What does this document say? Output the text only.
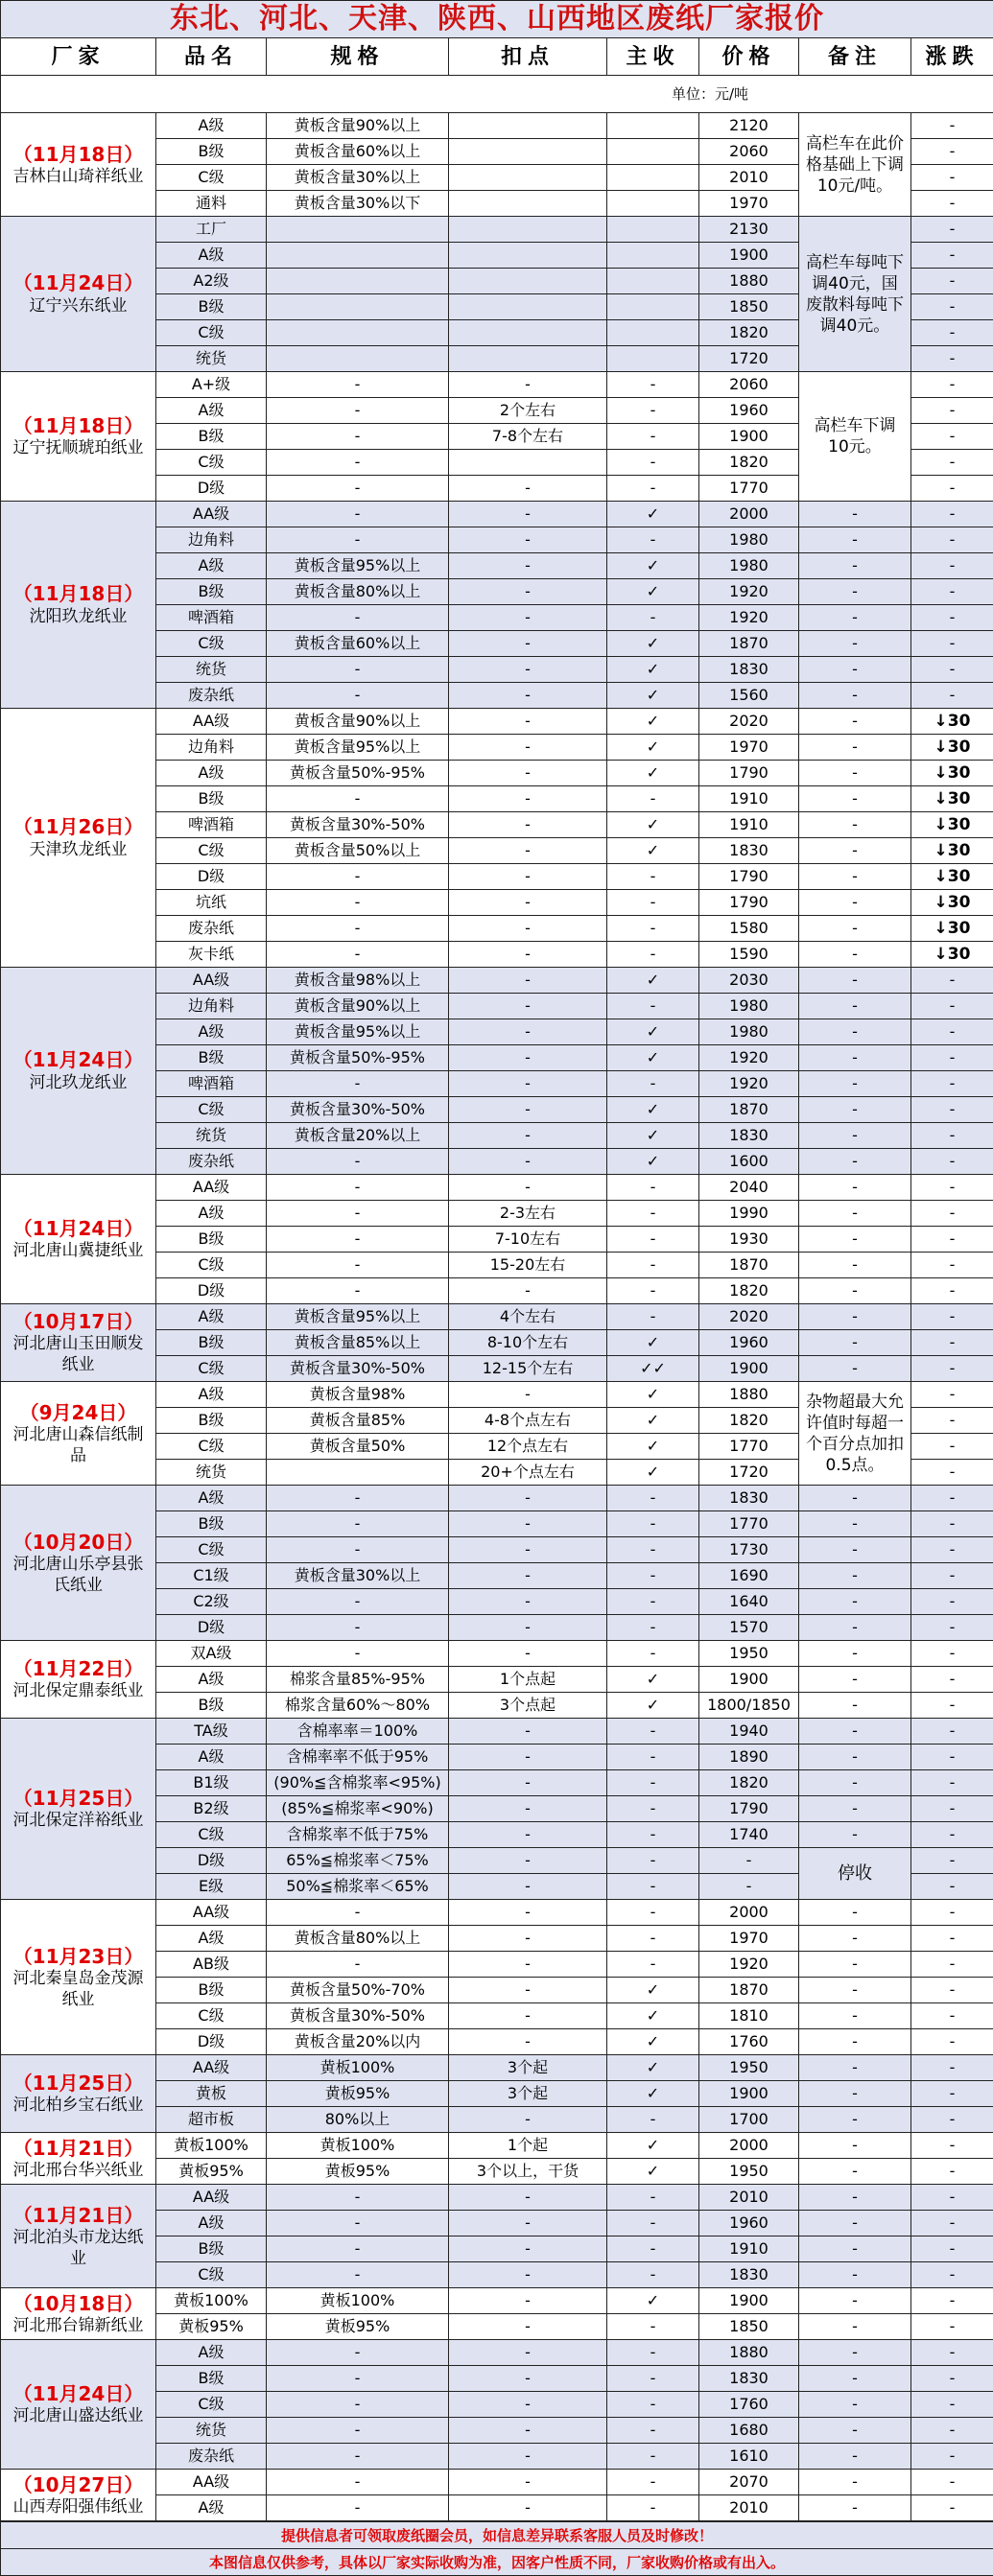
东北、河北、天津、陕西、山西地区废纸厂家报价							
厂家	品名	规格	扣点	主收	价格	备注	涨跌
单位：元/吨							

（11月18日）
吉林白山琦祥纸业	A级	黄板含量90%以上			2120	高栏车在此价格基础上下调10元/吨。	-
	B级	黄板含量60%以上			2060		-
	C级	黄板含量30%以上			2010		-
	通料	黄板含量30%以下			1970		-

（11月24日）
辽宁兴东纸业	工厂				2130	高栏车每吨下调40元，国废散料每吨下调40元。	-
	A级				1900		-
	A2级				1880		-
	B级				1850		-
	C级				1820		-
	统货				1720		-

（11月18日）
辽宁抚顺琥珀纸业	A+级	-	-	-	2060	高栏车下调10元。	-
	A级	-	2个左右	-	1960		-
	B级	-	7-8个左右	-	1900		-
	C级	-		-	1820		-
	D级	-	-	-	1770		-

（11月18日）
沈阳玖龙纸业	AA级	-	-	✓	2000	-	-
	边角料	-	-	-	1980	-	-
	A级	黄板含量95%以上	-	✓	1980	-	-
	B级	黄板含量80%以上	-	✓	1920	-	-
	啤酒箱	-	-	-	1920	-	-
	C级	黄板含量60%以上	-	✓	1870	-	-
	统货	-	-	✓	1830	-	-
	废杂纸	-	-	✓	1560	-	-

（11月26日）
天津玖龙纸业	AA级	黄板含量90%以上	-	✓	2020	-	↓30
	边角料	黄板含量95%以上	-	✓	1970	-	↓30
	A级	黄板含量50%-95%	-	✓	1790	-	↓30
	B级	-	-	-	1910	-	↓30
	啤酒箱	黄板含量30%-50%	-	✓	1910	-	↓30
	C级	黄板含量50%以上	-	✓	1830	-	↓30
	D级	-	-	-	1790	-	↓30
	坑纸	-	-	-	1790	-	↓30
	废杂纸	-	-	-	1580	-	↓30
	灰卡纸	-	-	-	1590	-	↓30

（11月24日）
河北玖龙纸业	AA级	黄板含量98%以上	-	✓	2030	-	-
	边角料	黄板含量90%以上	-	-	1980	-	-
	A级	黄板含量95%以上	-	✓	1980	-	-
	B级	黄板含量50%-95%	-	✓	1920	-	-
	啤酒箱	-	-	-	1920	-	-
	C级	黄板含量30%-50%	-	✓	1870	-	-
	统货	黄板含量20%以上	-	✓	1830	-	-
	废杂纸	-	-	✓	1600	-	-

（11月24日）
河北唐山冀捷纸业	AA级	-	-	-	2040	-	-
	A级	-	2-3左右	-	1990	-	-
	B级	-	7-10左右	-	1930	-	-
	C级	-	15-20左右	-	1870	-	-
	D级	-	-	-	1820	-	-

（10月17日）
河北唐山玉田顺发纸业	A级	黄板含量95%以上	4个左右	-	2020	-	-
	B级	黄板含量85%以上	8-10个左右	✓	1960	-	-
	C级	黄板含量30%-50%	12-15个左右	✓✓	1900	-	-

（9月24日）
河北唐山森信纸制品	A级	黄板含量98%	-	✓	1880	杂物超最大允许值时每超一个百分点加扣0.5点。	-
	B级	黄板含量85%	4-8个点左右	✓	1820		-
	C级	黄板含量50%	12个点左右	✓	1770		-
	统货		20+个点左右	✓	1720		-

（10月20日）
河北唐山乐亭县张氏纸业	A级	-	-	-	1830	-	-
	B级	-	-	-	1770	-	-
	C级	-	-	-	1730	-	-
	C1级	黄板含量30%以上	-	-	1690	-	-
	C2级	-	-	-	1640	-	-
	D级	-	-	-	1570	-	-

（11月22日）
河北保定鼎泰纸业	双A级	-	-	-	1950	-	-
	A级	棉浆含量85%-95%	1个点起	✓	1900	-	-
	B级	棉浆含量60%～80%	3个点起	✓	1800/1850	-	-

（11月25日）
河北保定洋裕纸业	TA级	含棉率率＝100%	-	-	1940	-	-
	A级	含棉率率不低于95%	-	-	1890	-	-
	B1级	(90%≦含棉浆率<95%)	-	-	1820	-	-
	B2级	(85%≦棉浆率<90%)	-	-	1790	-	-
	C级	含棉浆率不低于75%	-	-	1740	-	-
	D级	65%≦棉浆率＜75%	-	-	-	停收	-
	E级	50%≦棉浆率＜65%	-	-	-		-

（11月23日）
河北秦皇岛金茂源纸业	AA级	-	-	-	2000	-	-
	A级	黄板含量80%以上	-	-	1970	-	-
	AB级	-	-	-	1920	-	-
	B级	黄板含量50%-70%	-	✓	1870	-	-
	C级	黄板含量30%-50%	-	✓	1810	-	-
	D级	黄板含量20%以内	-	✓	1760	-	-

（11月25日）
河北柏乡宝石纸业	AA级	黄板100%	3个起	✓	1950	-	-
	黄板	黄板95%	3个起	✓	1900	-	-
	超市板	80%以上	-	-	1700	-	-

（11月21日）
河北邢台华兴纸业	黄板100%	黄板100%	1个起	✓	2000	-	-
	黄板95%	黄板95%	3个以上，干货	✓	1950	-	-

（11月21日）
河北泊头市龙达纸业	AA级	-	-	-	2010	-	-
	A级	-	-	-	1960	-	-
	B级	-	-	-	1910	-	-
	C级	-	-	-	1830	-	-

（10月18日）
河北邢台锦新纸业	黄板100%	黄板100%	-	✓	1900	-	-
	黄板95%	黄板95%	-	-	1850	-	-

（11月24日）
河北唐山盛达纸业	A级	-	-	-	1880	-	-
	B级	-	-	-	1830	-	-
	C级	-	-	-	1760	-	-
	统货	-	-	-	1680	-	-
	废杂纸	-	-	-	1610	-	-

（10月27日）
山西寿阳强伟纸业	AA级	-	-	-	2070	-	-
	A级	-	-	-	2010	-	-
提供信息者可领取废纸圈会员，如信息差异联系客服人员及时修改！							
本图信息仅供参考，具体以厂家实际收购为准，因客户性质不同，厂家收购价格或有出入。							
